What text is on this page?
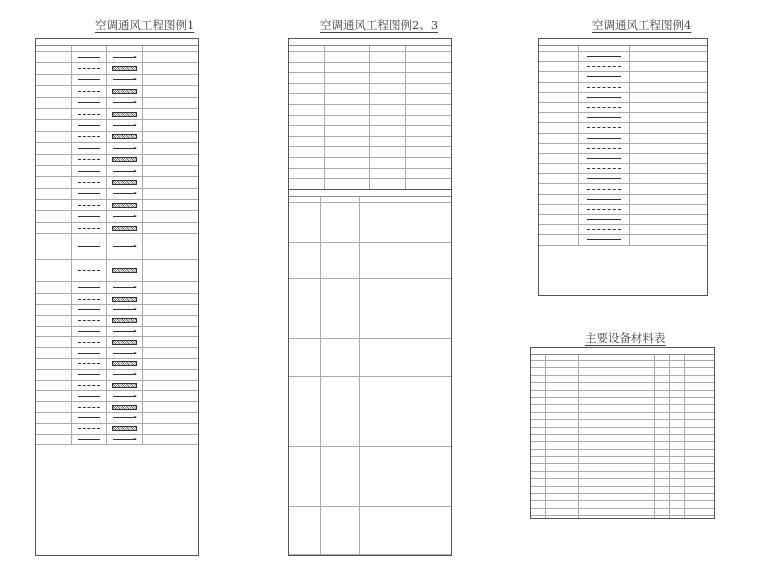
空调通风工程图例1	空调通风工程图例2、3	空调通风工程图例4
主要设备材料表
